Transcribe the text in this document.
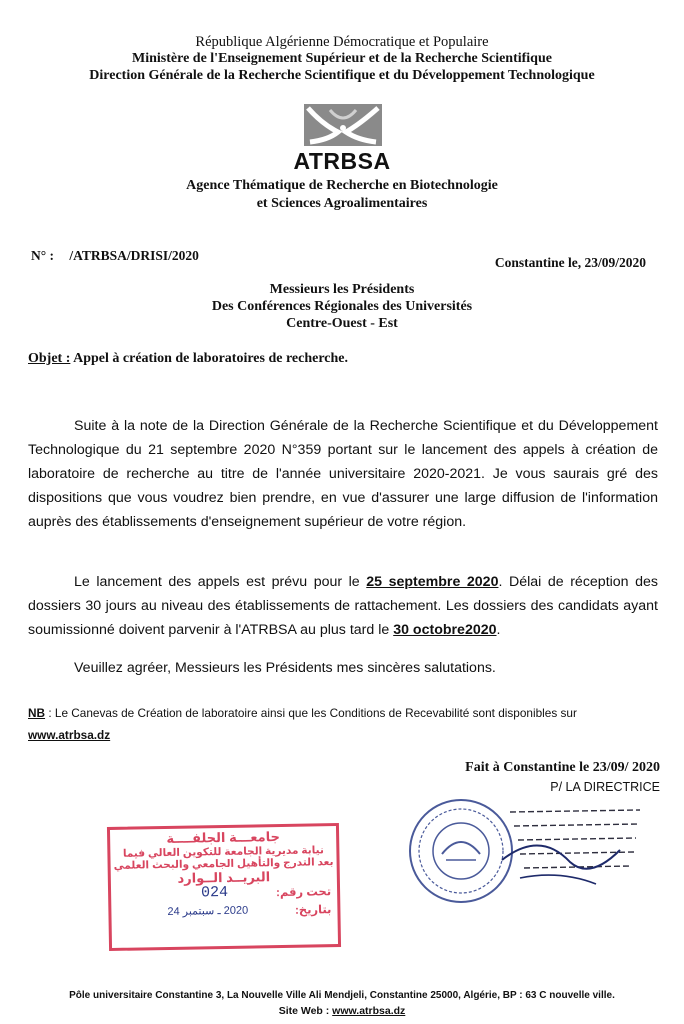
République Algérienne Démocratique et Populaire
Ministère de l'Enseignement Supérieur et de la Recherche Scientifique
Direction Générale de la Recherche Scientifique et du Développement Technologique
ATRBSA
Agence Thématique de Recherche en Biotechnologie
et Sciences Agroalimentaires
N° : /ATRBSA/DRISI/2020	Constantine le, 23/09/2020
Messieurs les Présidents
Des Conférences Régionales des Universités
Centre-Ouest - Est
Objet : Appel à création de laboratoires de recherche.

Suite à la note de la Direction Générale de la Recherche Scientifique et du Développement Technologique du 21 septembre 2020 N°359 portant sur le lancement des appels à création de laboratoire de recherche au titre de l'année universitaire 2020-2021. Je vous saurais gré des dispositions que vous voudrez bien prendre, en vue d'assurer une large diffusion de l'information auprès des établissements d'enseignement supérieur de votre région.

Le lancement des appels est prévu pour le 25 septembre 2020. Délai de réception des dossiers 30 jours au niveau des établissements de rattachement. Les dossiers des candidats ayant soumissionné doivent parvenir à l'ATRBSA au plus tard le 30 octobre2020.

Veuillez agréer, Messieurs les Présidents mes sincères salutations.

NB : Le Canevas de Création de laboratoire ainsi que les Conditions de Recevabilité sont disponibles sur
www.atrbsa.dz
Fait à Constantine le 23/09/ 2020
P/ LA DIRECTRICE
جامعـــة الجلفــــة
نيابة مديرية الجامعة للتكوين العالي فيما
بعد التدرج والتأهيل الجامعي والبحث العلمي
البريــد الــوارد
تحت رقم:
024
بتاريخ:
2020 ـ سبتمبر 24
Pôle universitaire Constantine 3, La Nouvelle Ville Ali Mendjeli, Constantine 25000, Algérie, BP : 63 C nouvelle ville.
Site Web : www.atrbsa.dz
